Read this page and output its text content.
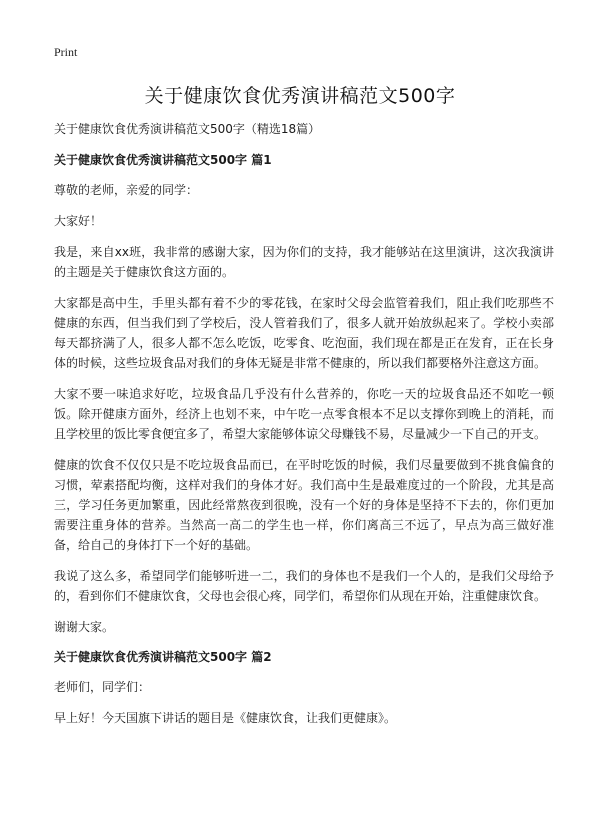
Print
关于健康饮食优秀演讲稿范文500字
关于健康饮食优秀演讲稿范文500字（精选18篇）
关于健康饮食优秀演讲稿范文500字 篇1

尊敬的老师，亲爱的同学：

大家好！

我是，来自xx班，我非常的感谢大家，因为你们的支持，我才能够站在这里演讲，这次我演讲的主题是关于健康饮食这方面的。

大家都是高中生，手里头都有着不少的零花钱，在家时父母会监管着我们，阻止我们吃那些不健康的东西，但当我们到了学校后，没人管着我们了，很多人就开始放纵起来了。学校小卖部每天都挤满了人，很多人都不怎么吃饭，吃零食、吃泡面，我们现在都是正在发育，正在长身体的时候，这些垃圾食品对我们的身体无疑是非常不健康的，所以我们都要格外注意这方面。

大家不要一味追求好吃，垃圾食品几乎没有什么营养的，你吃一天的垃圾食品还不如吃一顿饭。除开健康方面外，经济上也划不来，中午吃一点零食根本不足以支撑你到晚上的消耗，而且学校里的饭比零食便宜多了，希望大家能够体谅父母赚钱不易，尽量减少一下自己的开支。

健康的饮食不仅仅只是不吃垃圾食品而已，在平时吃饭的时候，我们尽量要做到不挑食偏食的习惯，荤素搭配均衡，这样对我们的身体才好。我们高中生是最难度过的一个阶段，尤其是高三，学习任务更加繁重，因此经常熬夜到很晚，没有一个好的身体是坚持不下去的，你们更加需要注重身体的营养。当然高一高二的学生也一样，你们离高三不远了，早点为高三做好准备，给自己的身体打下一个好的基础。

我说了这么多，希望同学们能够听进一二，我们的身体也不是我们一个人的，是我们父母给予的，看到你们不健康饮食，父母也会很心疼，同学们，希望你们从现在开始，注重健康饮食。

谢谢大家。

关于健康饮食优秀演讲稿范文500字 篇2

老师们，同学们：

早上好！今天国旗下讲话的题目是《健康饮食，让我们更健康》。
